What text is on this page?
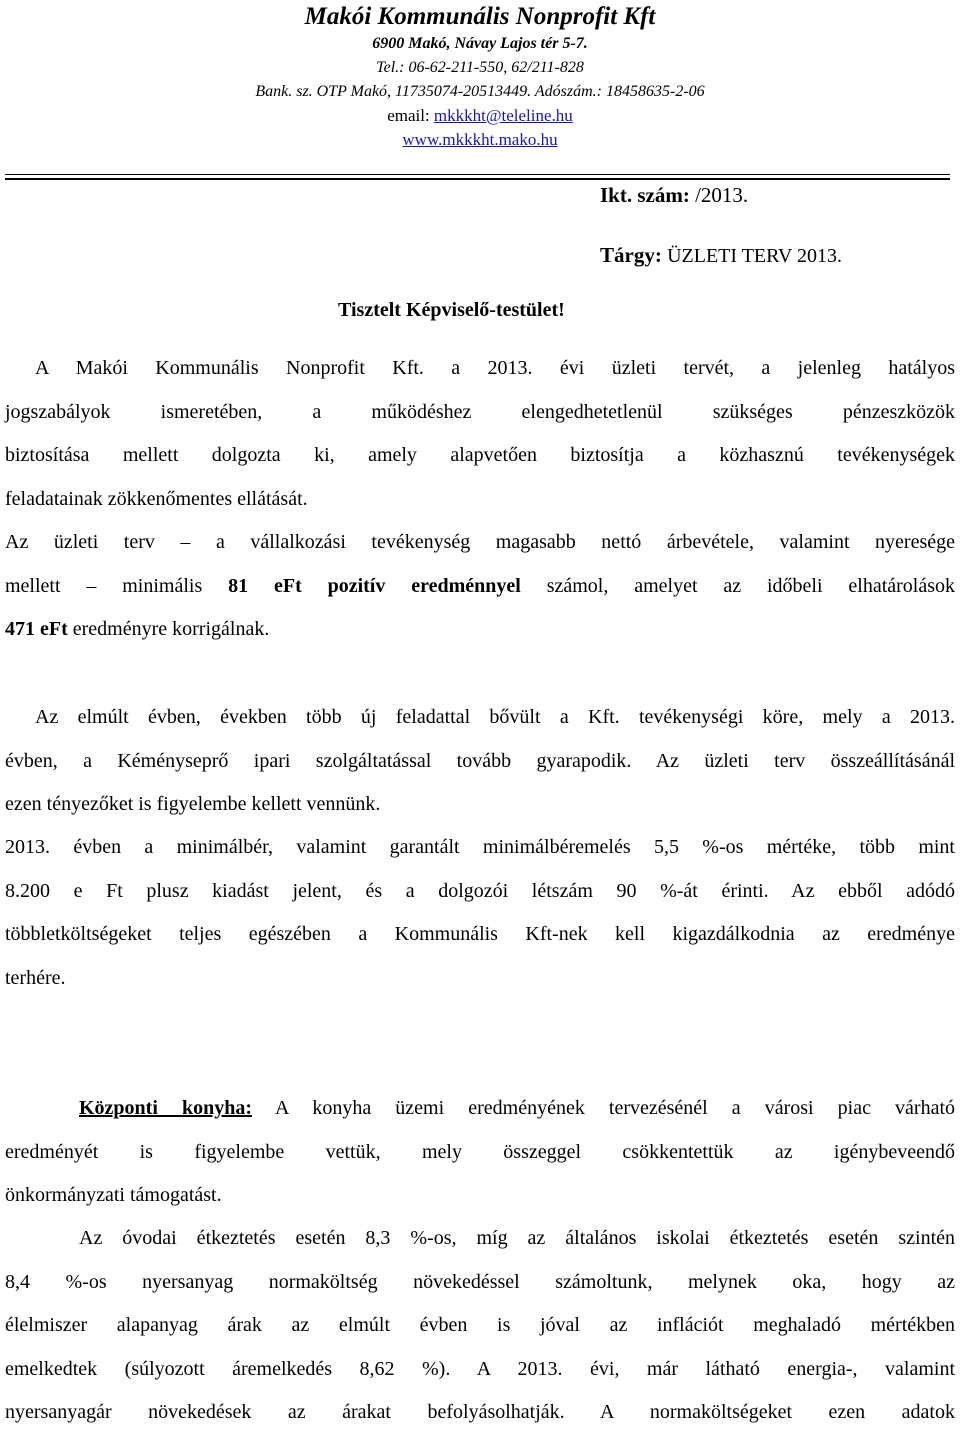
Makói Kommunális Nonprofit Kft
6900 Makó, Návay Lajos tér 5-7.
Tel.: 06-62-211-550, 62/211-828
Bank. sz. OTP Makó, 11735074-20513449. Adószám.: 18458635-2-06
email: mkkkht@teleline.hu
www.mkkkht.mako.hu
Ikt. szám: /2013.
Tárgy: ÜZLETI TERV 2013.
Tisztelt Képviselő-testület!
A Makói Kommunális Nonprofit Kft. a 2013. évi üzleti tervét, a jelenleg hatályos
jogszabályok ismeretében, a működéshez elengedhetetlenül szükséges pénzeszközök
biztosítása mellett dolgozta ki, amely alapvetően biztosítja a közhasznú tevékenységek
feladatainak zökkenőmentes ellátását.
Az üzleti terv – a vállalkozási tevékenység magasabb nettó árbevétele, valamint nyeresége
mellett – minimális 81 eFt pozitív eredménnyel számol, amelyet az időbeli elhatárolások
471 eFt eredményre korrigálnak.
Az elmúlt évben, években több új feladattal bővült a Kft. tevékenységi köre, mely a 2013.
évben, a Kéményseprő ipari szolgáltatással tovább gyarapodik. Az üzleti terv összeállításánál
ezen tényezőket is figyelembe kellett vennünk.
2013. évben a minimálbér, valamint garantált minimálbéremelés 5,5 %-os mértéke, több mint
8.200 e Ft plusz kiadást jelent, és a dolgozói létszám 90 %-át érinti. Az ebből adódó
többletköltségeket teljes egészében a Kommunális Kft-nek kell kigazdálkodnia az eredménye
terhére.
Központi konyha: A konyha üzemi eredményének tervezésénél a városi piac várható
eredményét is figyelembe vettük, mely összeggel csökkentettük az igénybeveendő
önkormányzati támogatást.
Az óvodai étkeztetés esetén 8,3 %-os, míg az általános iskolai étkeztetés esetén szintén
8,4 %-os nyersanyag normaköltség növekedéssel számoltunk, melynek oka, hogy az
élelmiszer alapanyag árak az elmúlt évben is jóval az inflációt meghaladó mértékben
emelkedtek (súlyozott áremelkedés 8,62 %). A 2013. évi, már látható energia-, valamint
nyersanyagár növekedések az árakat befolyásolhatják. A normaköltségeket ezen adatok
